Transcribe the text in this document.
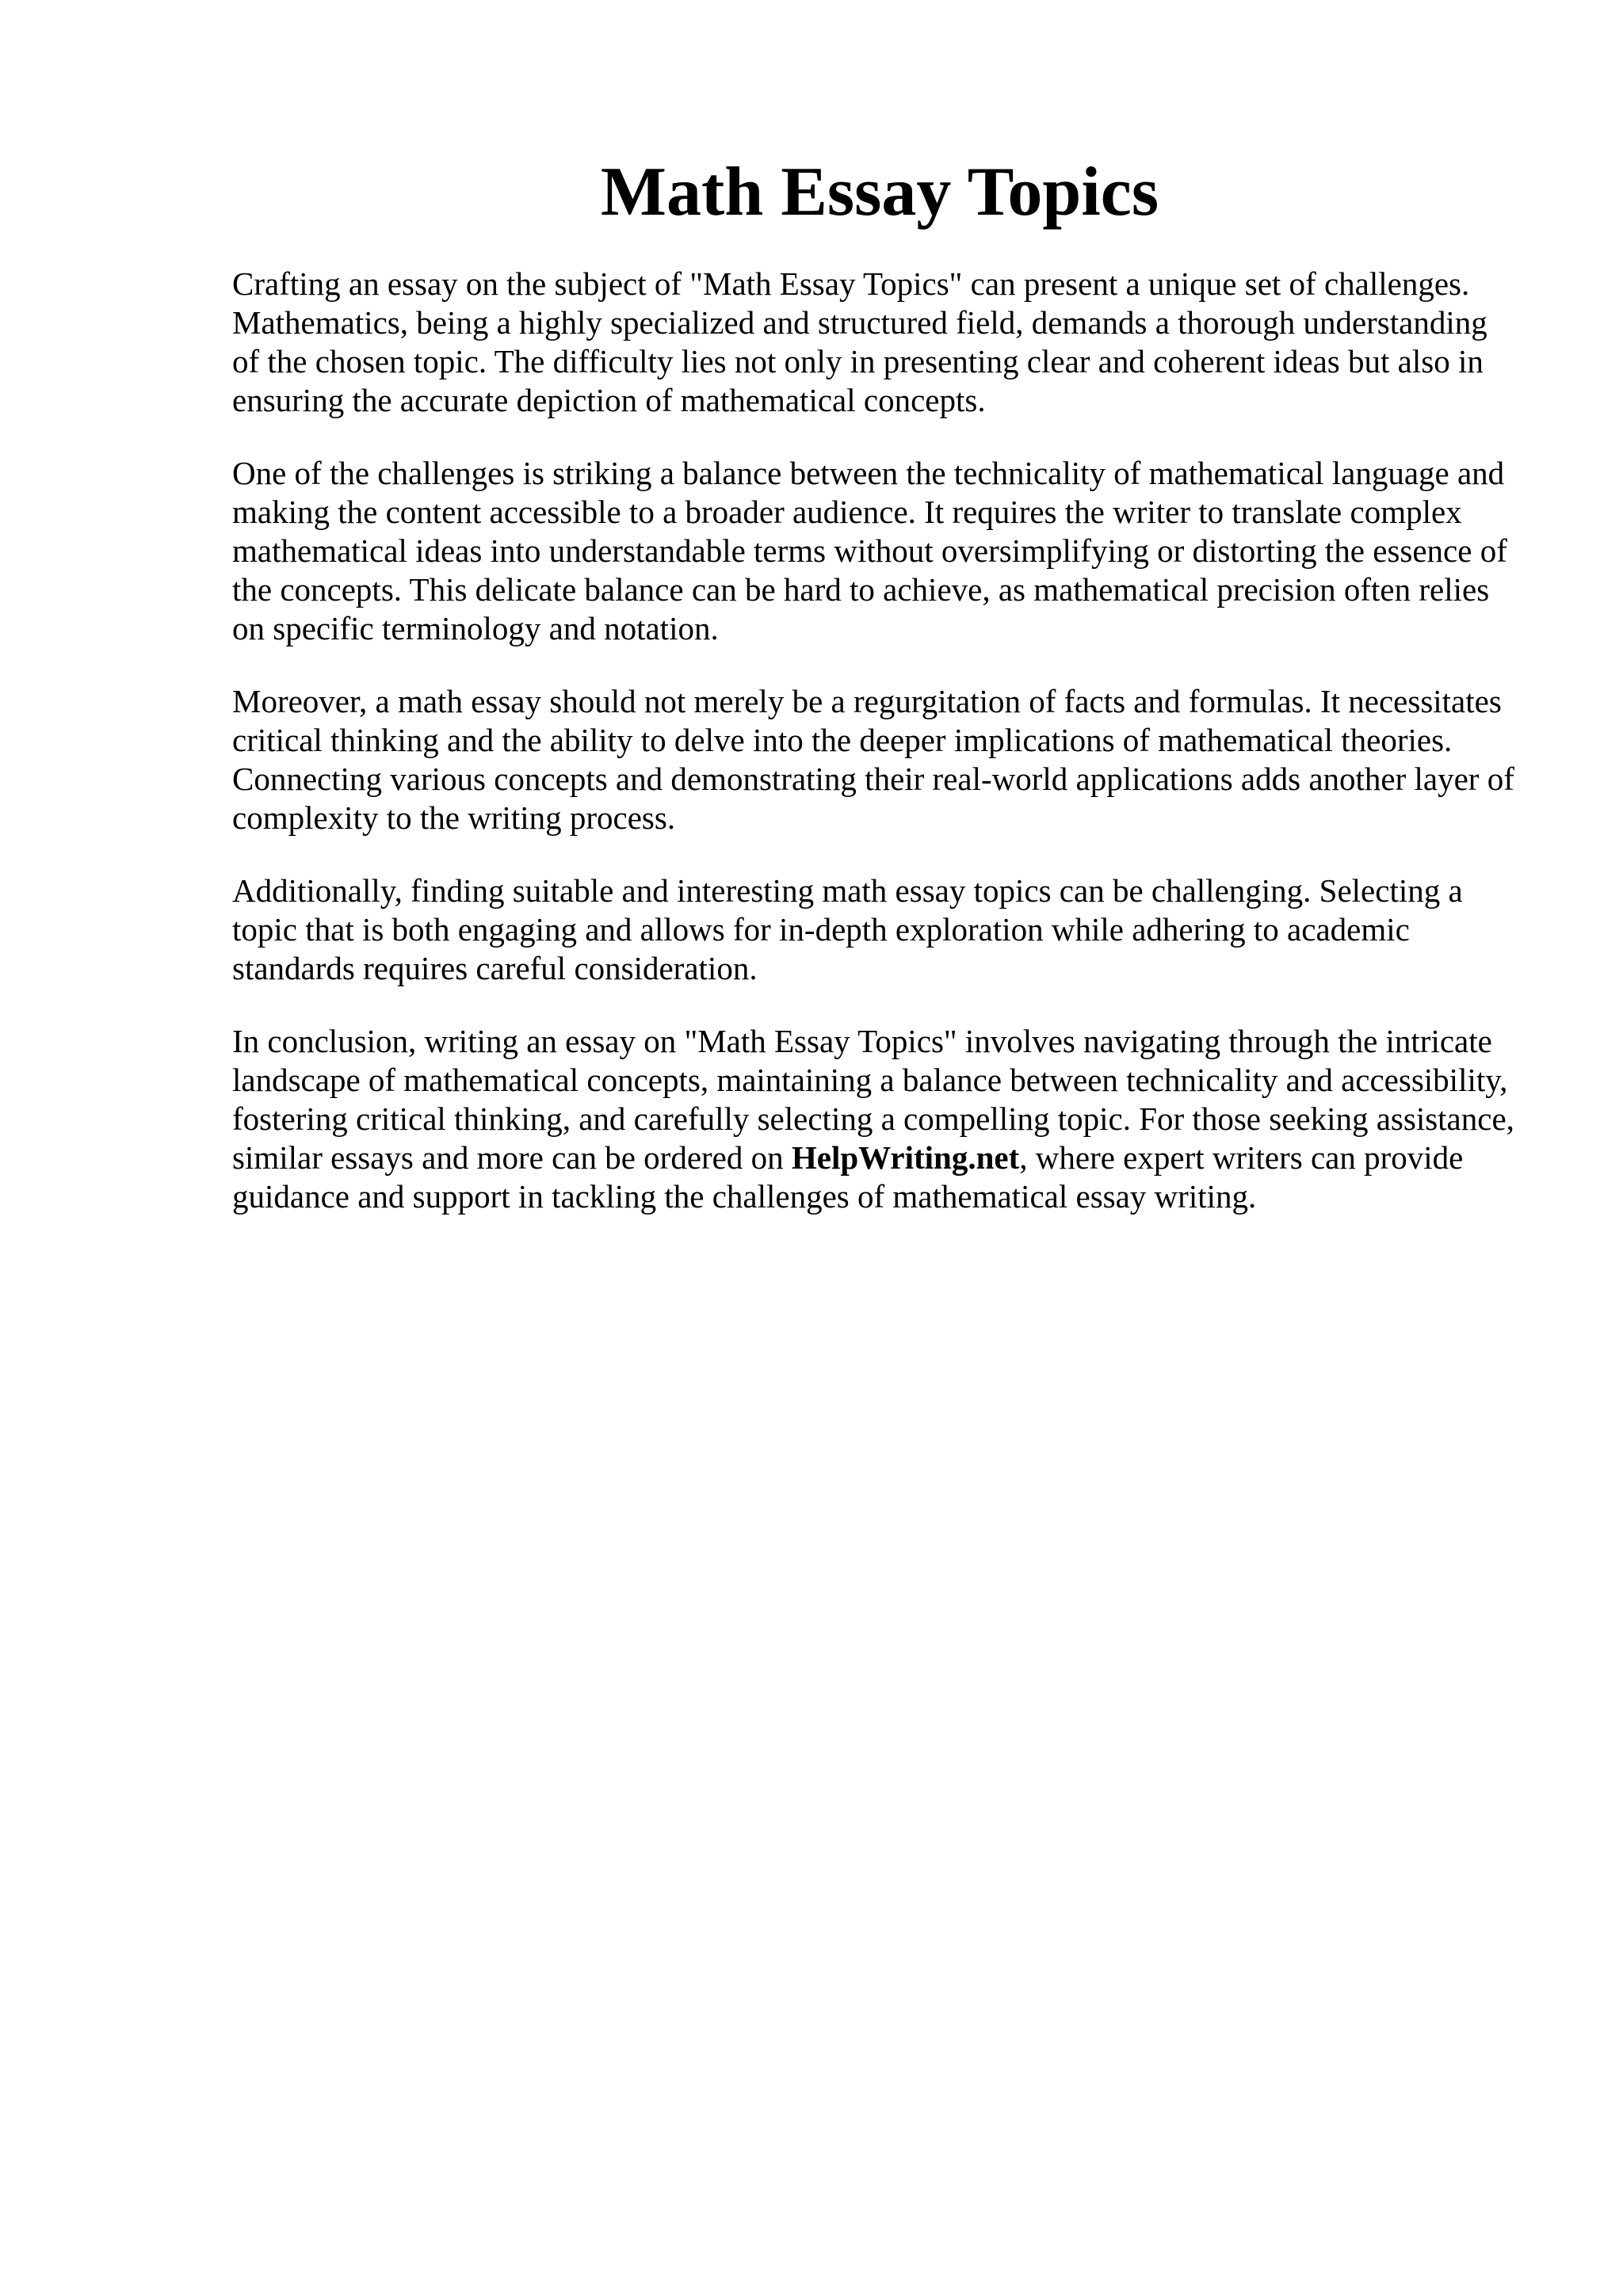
Math Essay Topics

Crafting an essay on the subject of "Math Essay Topics" can present a unique set of challenges. Mathematics, being a highly specialized and structured field, demands a thorough understanding of the chosen topic. The difficulty lies not only in presenting clear and coherent ideas but also in ensuring the accurate depiction of mathematical concepts.

One of the challenges is striking a balance between the technicality of mathematical language and making the content accessible to a broader audience. It requires the writer to translate complex mathematical ideas into understandable terms without oversimplifying or distorting the essence of the concepts. This delicate balance can be hard to achieve, as mathematical precision often relies on specific terminology and notation.

Moreover, a math essay should not merely be a regurgitation of facts and formulas. It necessitates critical thinking and the ability to delve into the deeper implications of mathematical theories. Connecting various concepts and demonstrating their real-world applications adds another layer of complexity to the writing process.

Additionally, finding suitable and interesting math essay topics can be challenging. Selecting a topic that is both engaging and allows for in-depth exploration while adhering to academic standards requires careful consideration.

In conclusion, writing an essay on "Math Essay Topics" involves navigating through the intricate landscape of mathematical concepts, maintaining a balance between technicality and accessibility, fostering critical thinking, and carefully selecting a compelling topic. For those seeking assistance, similar essays and more can be ordered on HelpWriting.net, where expert writers can provide guidance and support in tackling the challenges of mathematical essay writing.
